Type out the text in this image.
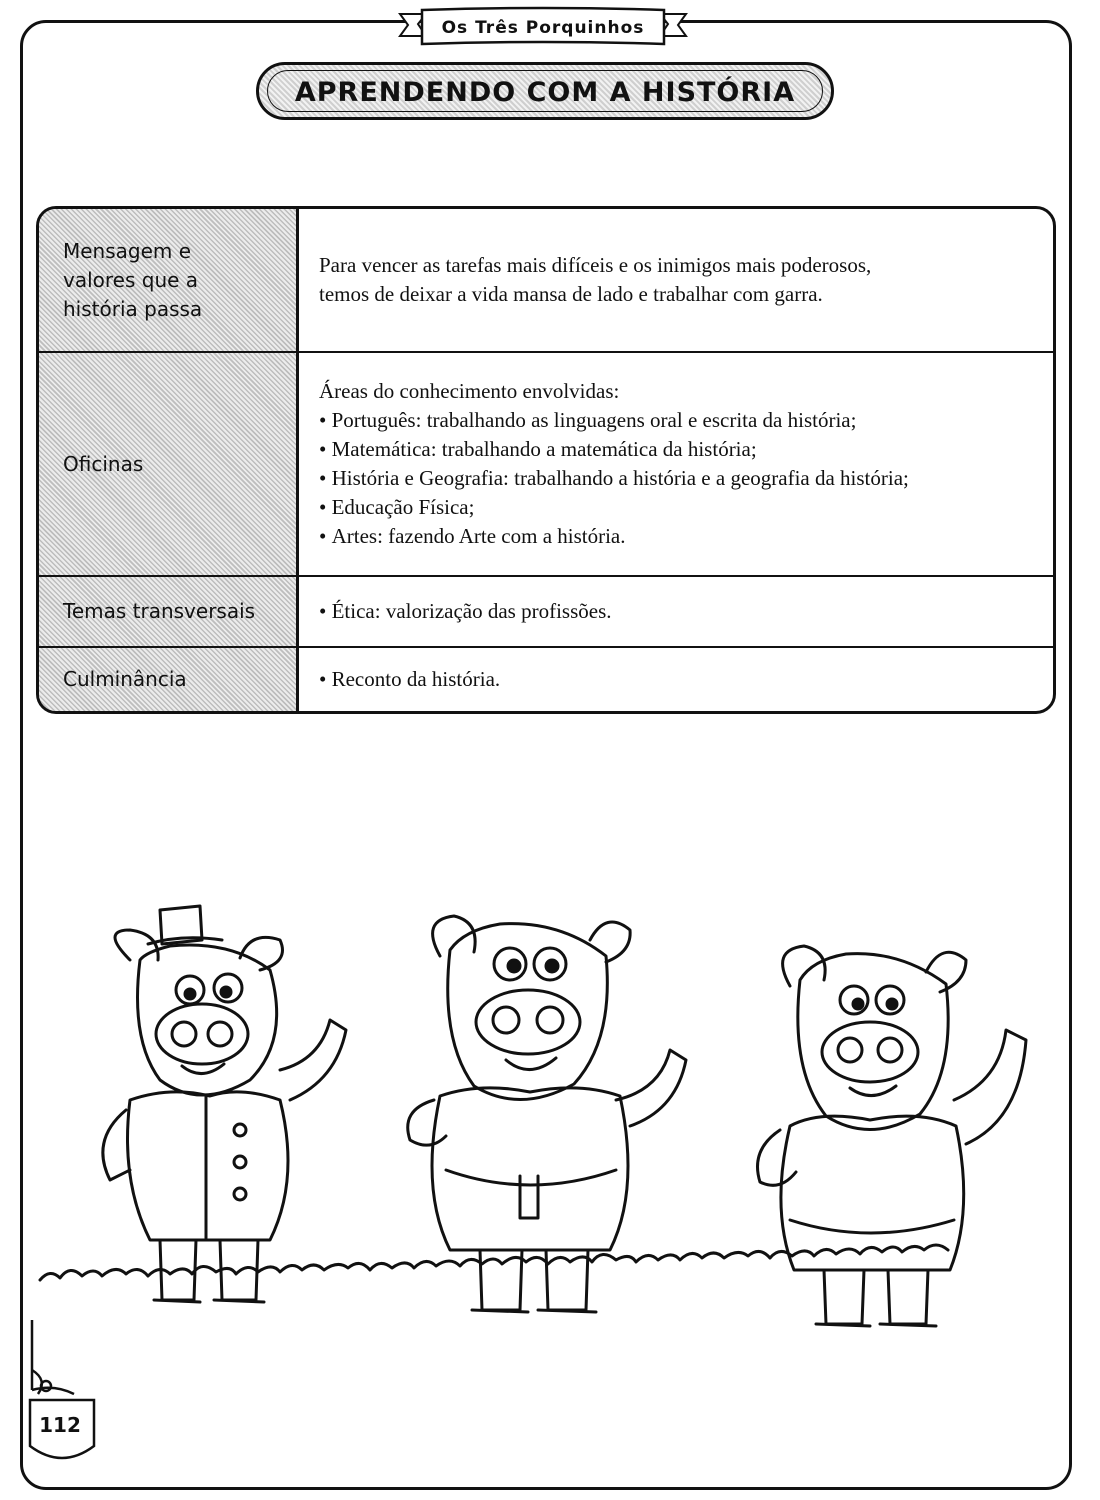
Os Três Porquinhos
APRENDENDO COM A HISTÓRIA
Mensagem e
valores que a
história passa
Para vencer as tarefas mais difíceis e os inimigos mais poderosos,
temos de deixar a vida mansa de lado e trabalhar com garra.
Oficinas
Áreas do conhecimento envolvidas:
• Português: trabalhando as linguagens oral e escrita da história;
• Matemática: trabalhando a matemática da história;
• História e Geografia: trabalhando a história e a geografia da história;
• Educação Física;
• Artes: fazendo Arte com a história.
Temas transversais	• Ética: valorização das profissões.
Culminância	• Reconto da história.
112
